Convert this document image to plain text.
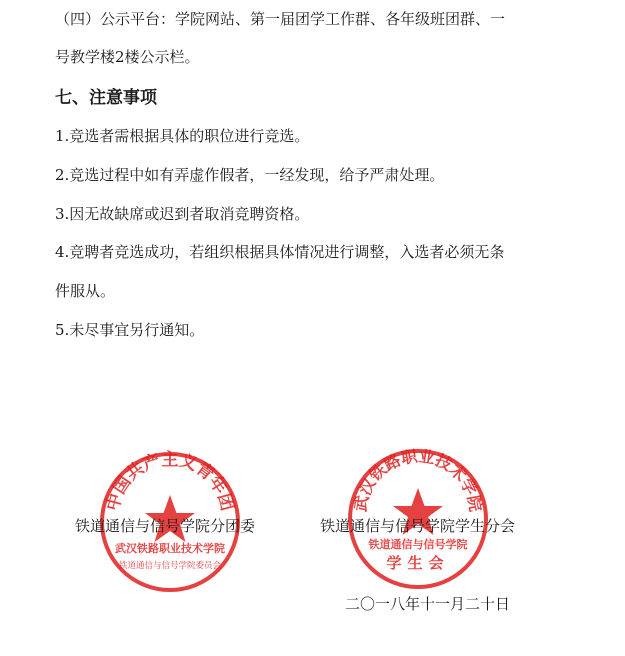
（四）公示平台：学院网站、第一届团学工作群、各年级班团群、一
号教学楼2楼公示栏。
七、注意事项
1.竞选者需根据具体的职位进行竞选。
2.竞选过程中如有弄虚作假者，一经发现，给予严肃处理。
3.因无故缺席或迟到者取消竞聘资格。
4.竞聘者竞选成功，若组织根据具体情况进行调整，入选者必须无条
件服从。
5.未尽事宜另行通知。
中国共产主义青年团
武汉铁路职业技术学院
铁道通信与信号学院委员会
武汉铁路职业技术学院
铁道通信与信号学院
学生会
铁道通信与信号学院分团委	铁道通信与信号学院学生分会
二〇一八年十一月二十日
